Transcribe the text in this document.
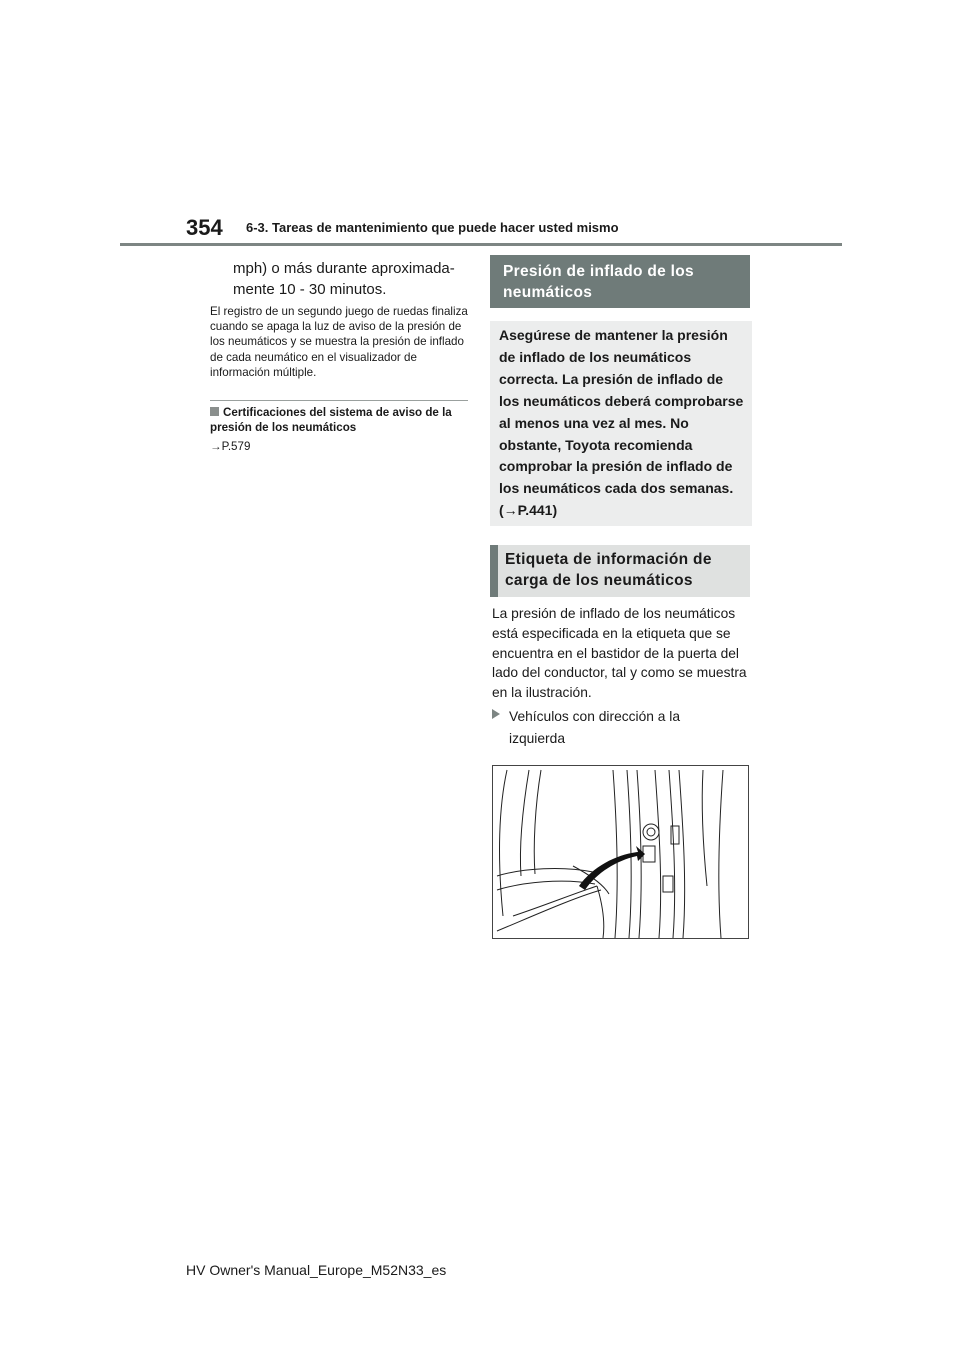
354 6-3. Tareas de mantenimiento que puede hacer usted mismo
mph) o más durante aproximada-
mente 10 - 30 minutos.
El registro de un segundo juego de ruedas finaliza cuando se apaga la luz de aviso de la presión de los neumáticos y se muestra la presión de inflado de cada neumático en el visualizador de información múltiple.
Certificaciones del sistema de aviso de la presión de los neumáticos
→P.579
Presión de inflado de los neumáticos
Asegúrese de mantener la presión de inflado de los neumáticos correcta. La presión de inflado de los neumáticos deberá comprobarse al menos una vez al mes. No obstante, Toyota recomienda comprobar la presión de inflado de los neumáticos cada dos semanas. (→P.441)
Etiqueta de información de carga de los neumáticos
La presión de inflado de los neumáticos está especificada en la etiqueta que se encuentra en el bastidor de la puerta del lado del conductor, tal y como se muestra en la ilustración.
Vehículos con dirección a la izquierda
HV Owner's Manual_Europe_M52N33_es
